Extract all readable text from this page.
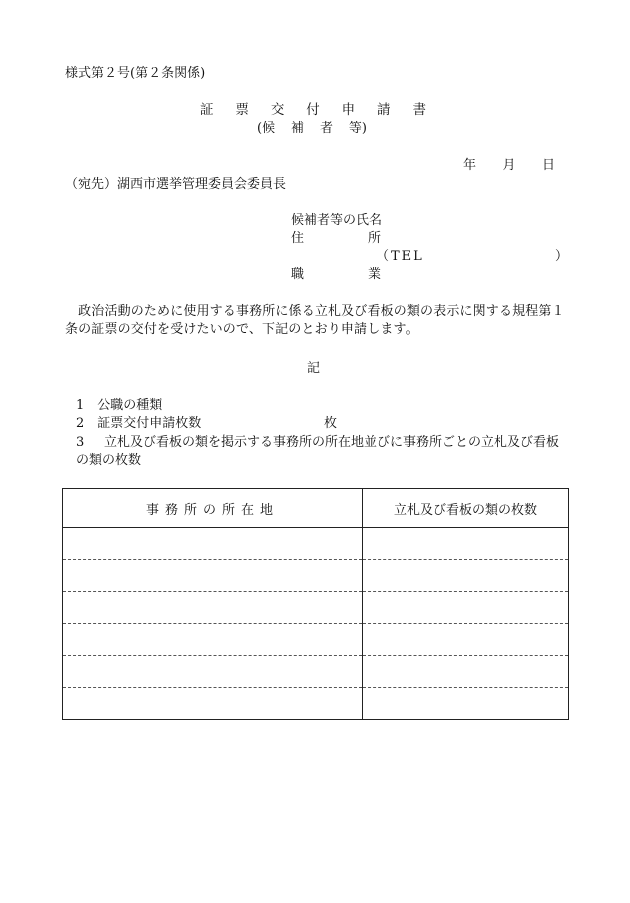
様式第２号(第２条関係)
証 票 交 付 申 請 書
(候 補 者 等)
年 月 日
（宛先）湖西市選挙管理委員会委員長
候補者等の氏名
住	所
（TEL	）
職	業
　政治活動のために使用する事務所に係る立札及び看板の類の表示に関する規程第１条の証票の交付を受けたいので、下記のとおり申請します。
記
1　公職の種類
2　証票交付申請枚数	枚
3 立札及び看板の類を掲示する事務所の所在地並びに事務所ごとの立札及び看板の類の枚数
事務所の所在地	立札及び看板の類の枚数
